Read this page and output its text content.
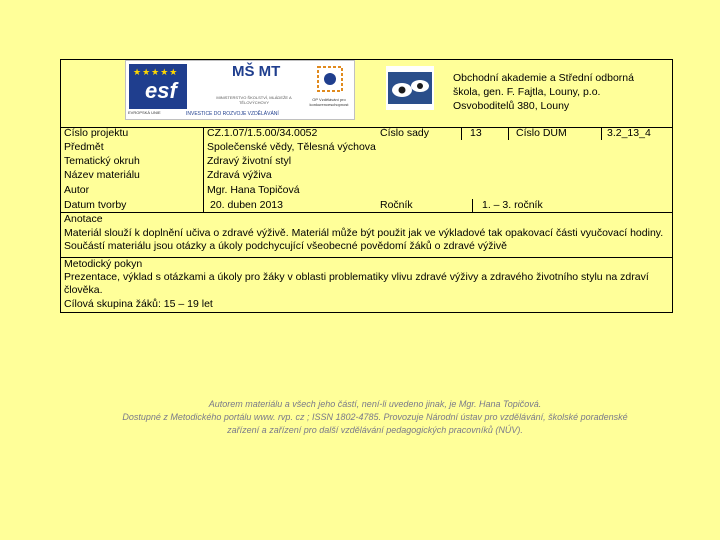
★★★★★
esf
EVROPSKÁ UNIE
MŠ MT
MINISTERSTVO ŠKOLSTVÍ, MLÁDEŽE A TĚLOVÝCHOVY
OP Vzdělávání pro konkurenceschopnost
INVESTICE DO ROZVOJE VZDĚLÁVÁNÍ
Obchodní akademie a Střední odborná škola, gen. F. Fajtla, Louny, p.o. Osvoboditelů 380, Louny
Číslo projektu	CZ.1.07/1.5.00/34.0052	Číslo sady	13	Číslo DUM	3.2_13_4
Předmět	Společenské vědy, Tělesná výchova
Tematický okruh	Zdravý životní styl
Název materiálu	Zdravá výživa
Autor	Mgr. Hana Topičová
Datum tvorby	20. duben 2013	Ročník	1. – 3. ročník
Anotace
Materiál slouží k doplnění učiva o zdravé výživě. Materiál může být použit jak ve výkladové tak opakovací části vyučovací hodiny. Součástí materiálu jsou otázky a úkoly podchycující všeobecné povědomí žáků o zdravé výživě
Metodický pokyn
Prezentace, výklad s otázkami a úkoly pro žáky v oblasti problematiky vlivu zdravé výživy a zdravého životního stylu na zdraví člověka.
Cílová skupina žáků: 15 – 19 let
Autorem materiálu a všech jeho částí, není-li uvedeno jinak, je Mgr. Hana Topičová.
Dostupné z Metodického portálu www. rvp. cz ; ISSN 1802-4785. Provozuje Národní ústav pro vzdělávání, školské poradenské zařízení a zařízení pro další vzdělávání pedagogických pracovníků (NÚV).
